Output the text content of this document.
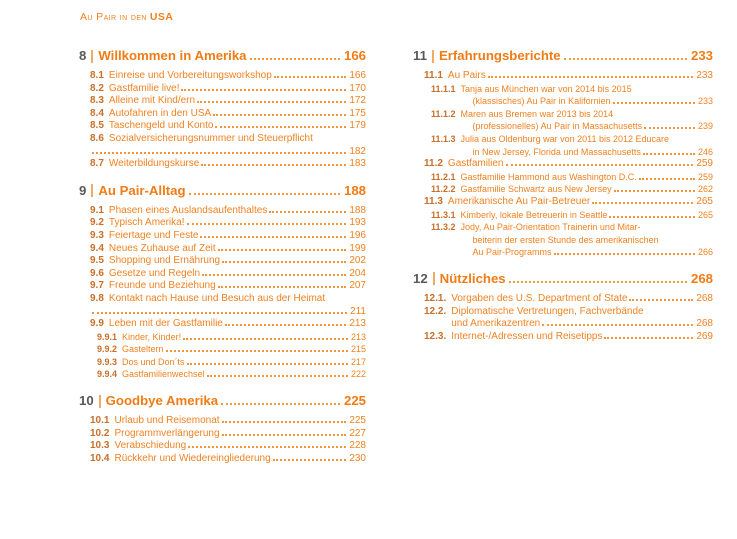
Au Pair in den USA
8 Willkommen in Amerika	166
8.1 Einreise und Vorbereitungsworkshop	166
8.2 Gastfamilie live!	170
8.3 Alleine mit Kind/ern	172
8.4 Autofahren in den USA	175
8.5 Taschengeld und Konto	179
8.6 Sozialversicherungsnummer und Steuerpflicht
182
8.7 Weiterbildungskurse	183
9 Au Pair-Alltag	188
9.1 Phasen eines Auslandsaufenthaltes	188
9.2 Typisch Amerika!	193
9.3 Feiertage und Feste	196
9.4 Neues Zuhause auf Zeit	199
9.5 Shopping und Ernährung	202
9.6 Gesetze und Regeln	204
9.7 Freunde und Beziehung	207
9.8 Kontakt nach Hause und Besuch aus der Heimat
211
9.9 Leben mit der Gastfamilie	213
9.9.1 Kinder, Kinder!	213
9.9.2 Gasteltern	215
9.9.3 Dos und Don´ts	217
9.9.4 Gastfamilienwechsel	222
10 Goodbye Amerika	225
10.1 Urlaub und Reisemonat	225
10.2 Programmverlängerung	227
10.3 Verabschiedung	228
10.4 Rückkehr und Wiedereingliederung	230
11 Erfahrungsberichte	233
11.1 Au Pairs	233
11.1.1 Tanja aus München war von 2014 bis 2015
(klassisches) Au Pair in Kalifornien	233
11.1.2 Maren aus Bremen war 2013 bis 2014
(professionelles) Au Pair in Massachusetts	239
11.1.3 Julia aus Oldenburg war von 2011 bis 2012 Educare
in New Jersey, Florida und Massachusetts	246
11.2 Gastfamilien	259
11.2.1 Gastfamilie Hammond aus Washington D.C.	259
11.2.2 Gastfamilie Schwartz aus New Jersey	262
11.3 Amerikanische Au Pair-Betreuer	265
11.3.1 Kimberly, lokale Betreuerin in Seattle	265
11.3.2 Jody, Au Pair-Orientation Trainerin und Mitar-
beiterin der ersten Stunde des amerikanischen
Au Pair-Programms	266
12 Nützliches	268
12.1. Vorgaben des U.S. Department of State	268
12.2. Diplomatische Vertretungen, Fachverbände
und Amerikazentren	268
12.3. Internet-/Adressen und Reisetipps	269
